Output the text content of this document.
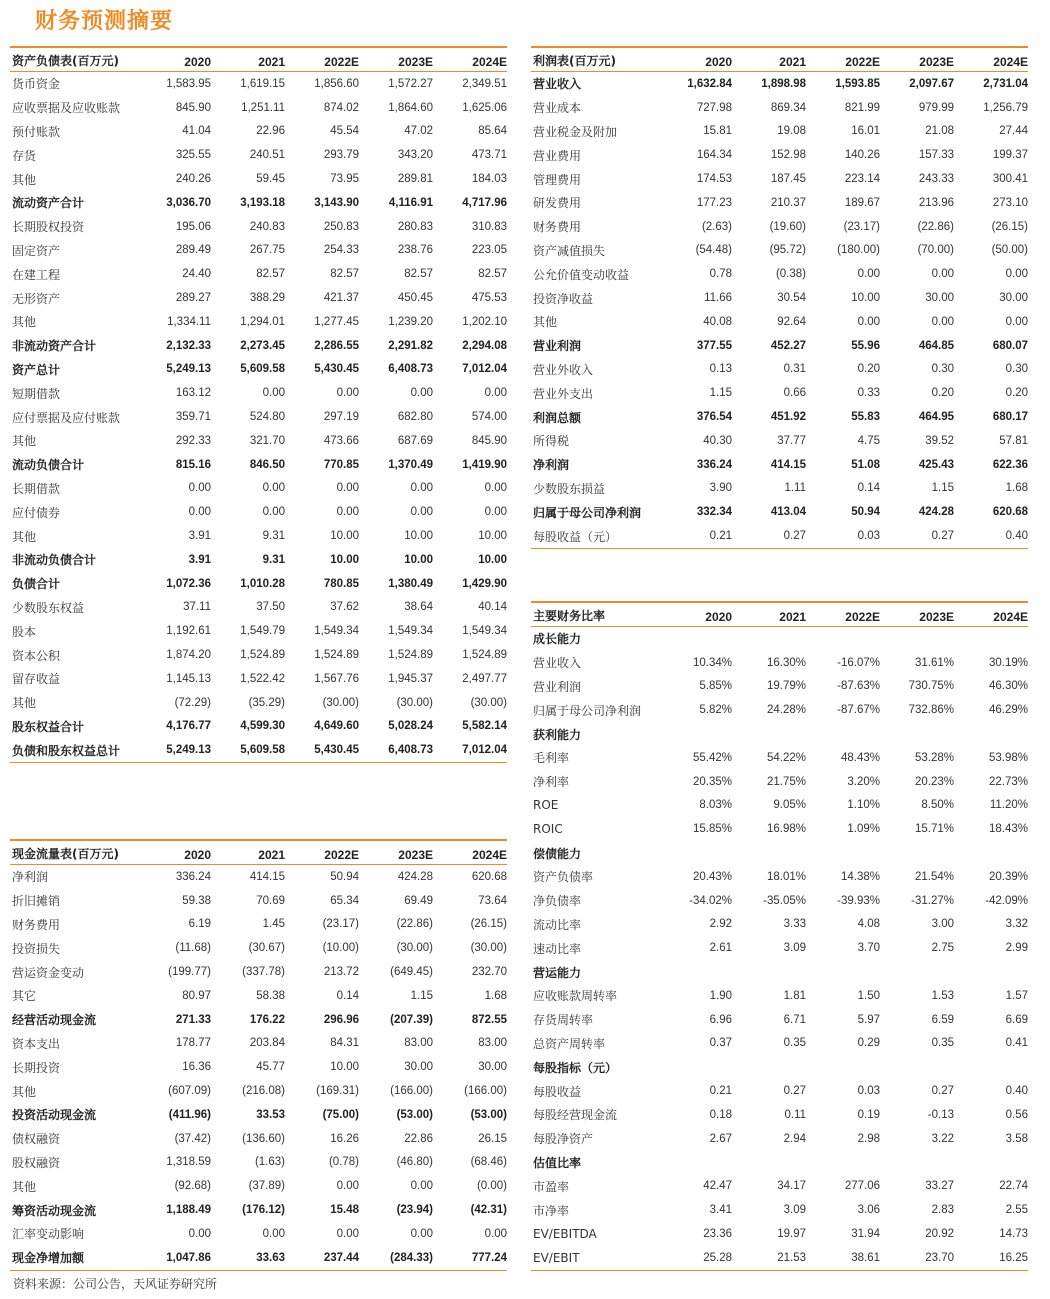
财务预测摘要
资产负债表(百万元)	2020	2021	2022E	2023E	2024E
货币资金	1,583.95	1,619.15	1,856.60	1,572.27	2,349.51
应收票据及应收账款	845.90	1,251.11	874.02	1,864.60	1,625.06
预付账款	41.04	22.96	45.54	47.02	85.64
存货	325.55	240.51	293.79	343.20	473.71
其他	240.26	59.45	73.95	289.81	184.03
流动资产合计	3,036.70	3,193.18	3,143.90	4,116.91	4,717.96
长期股权投资	195.06	240.83	250.83	280.83	310.83
固定资产	289.49	267.75	254.33	238.76	223.05
在建工程	24.40	82.57	82.57	82.57	82.57
无形资产	289.27	388.29	421.37	450.45	475.53
其他	1,334.11	1,294.01	1,277.45	1,239.20	1,202.10
非流动资产合计	2,132.33	2,273.45	2,286.55	2,291.82	2,294.08
资产总计	5,249.13	5,609.58	5,430.45	6,408.73	7,012.04
短期借款	163.12	0.00	0.00	0.00	0.00
应付票据及应付账款	359.71	524.80	297.19	682.80	574.00
其他	292.33	321.70	473.66	687.69	845.90
流动负债合计	815.16	846.50	770.85	1,370.49	1,419.90
长期借款	0.00	0.00	0.00	0.00	0.00
应付债券	0.00	0.00	0.00	0.00	0.00
其他	3.91	9.31	10.00	10.00	10.00
非流动负债合计	3.91	9.31	10.00	10.00	10.00
负债合计	1,072.36	1,010.28	780.85	1,380.49	1,429.90
少数股东权益	37.11	37.50	37.62	38.64	40.14
股本	1,192.61	1,549.79	1,549.34	1,549.34	1,549.34
资本公积	1,874.20	1,524.89	1,524.89	1,524.89	1,524.89
留存收益	1,145.13	1,522.42	1,567.76	1,945.37	2,497.77
其他	(72.29)	(35.29)	(30.00)	(30.00)	(30.00)
股东权益合计	4,176.77	4,599.30	4,649.60	5,028.24	5,582.14
负债和股东权益总计	5,249.13	5,609.58	5,430.45	6,408.73	7,012.04
利润表(百万元)	2020	2021	2022E	2023E	2024E
营业收入	1,632.84	1,898.98	1,593.85	2,097.67	2,731.04
营业成本	727.98	869.34	821.99	979.99	1,256.79
营业税金及附加	15.81	19.08	16.01	21.08	27.44
营业费用	164.34	152.98	140.26	157.33	199.37
管理费用	174.53	187.45	223.14	243.33	300.41
研发费用	177.23	210.37	189.67	213.96	273.10
财务费用	(2.63)	(19.60)	(23.17)	(22.86)	(26.15)
资产减值损失	(54.48)	(95.72)	(180.00)	(70.00)	(50.00)
公允价值变动收益	0.78	(0.38)	0.00	0.00	0.00
投资净收益	11.66	30.54	10.00	30.00	30.00
其他	40.08	92.64	0.00	0.00	0.00
营业利润	377.55	452.27	55.96	464.85	680.07
营业外收入	0.13	0.31	0.20	0.30	0.30
营业外支出	1.15	0.66	0.33	0.20	0.20
利润总额	376.54	451.92	55.83	464.95	680.17
所得税	40.30	37.77	4.75	39.52	57.81
净利润	336.24	414.15	51.08	425.43	622.36
少数股东损益	3.90	1.11	0.14	1.15	1.68
归属于母公司净利润	332.34	413.04	50.94	424.28	620.68
每股收益（元）	0.21	0.27	0.03	0.27	0.40
现金流量表(百万元)	2020	2021	2022E	2023E	2024E
净利润	336.24	414.15	50.94	424.28	620.68
折旧摊销	59.38	70.69	65.34	69.49	73.64
财务费用	6.19	1.45	(23.17)	(22.86)	(26.15)
投资损失	(11.68)	(30.67)	(10.00)	(30.00)	(30.00)
营运资金变动	(199.77)	(337.78)	213.72	(649.45)	232.70
其它	80.97	58.38	0.14	1.15	1.68
经营活动现金流	271.33	176.22	296.96	(207.39)	872.55
资本支出	178.77	203.84	84.31	83.00	83.00
长期投资	16.36	45.77	10.00	30.00	30.00
其他	(607.09)	(216.08)	(169.31)	(166.00)	(166.00)
投资活动现金流	(411.96)	33.53	(75.00)	(53.00)	(53.00)
债权融资	(37.42)	(136.60)	16.26	22.86	26.15
股权融资	1,318.59	(1.63)	(0.78)	(46.80)	(68.46)
其他	(92.68)	(37.89)	0.00	0.00	(0.00)
筹资活动现金流	1,188.49	(176.12)	15.48	(23.94)	(42.31)
汇率变动影响	0.00	0.00	0.00	0.00	0.00
现金净增加额	1,047.86	33.63	237.44	(284.33)	777.24
主要财务比率	2020	2021	2022E	2023E	2024E
成长能力
营业收入	10.34%	16.30%	-16.07%	31.61%	30.19%
营业利润	5.85%	19.79%	-87.63%	730.75%	46.30%
归属于母公司净利润	5.82%	24.28%	-87.67%	732.86%	46.29%
获利能力
毛利率	55.42%	54.22%	48.43%	53.28%	53.98%
净利率	20.35%	21.75%	3.20%	20.23%	22.73%
ROE	8.03%	9.05%	1.10%	8.50%	11.20%
ROIC	15.85%	16.98%	1.09%	15.71%	18.43%
偿债能力
资产负债率	20.43%	18.01%	14.38%	21.54%	20.39%
净负债率	-34.02%	-35.05%	-39.93%	-31.27%	-42.09%
流动比率	2.92	3.33	4.08	3.00	3.32
速动比率	2.61	3.09	3.70	2.75	2.99
营运能力
应收账款周转率	1.90	1.81	1.50	1.53	1.57
存货周转率	6.96	6.71	5.97	6.59	6.69
总资产周转率	0.37	0.35	0.29	0.35	0.41
每股指标（元）
每股收益	0.21	0.27	0.03	0.27	0.40
每股经营现金流	0.18	0.11	0.19	-0.13	0.56
每股净资产	2.67	2.94	2.98	3.22	3.58
估值比率
市盈率	42.47	34.17	277.06	33.27	22.74
市净率	3.41	3.09	3.06	2.83	2.55
EV/EBITDA	23.36	19.97	31.94	20.92	14.73
EV/EBIT	25.28	21.53	38.61	23.70	16.25
资料来源：公司公告，天风证券研究所
